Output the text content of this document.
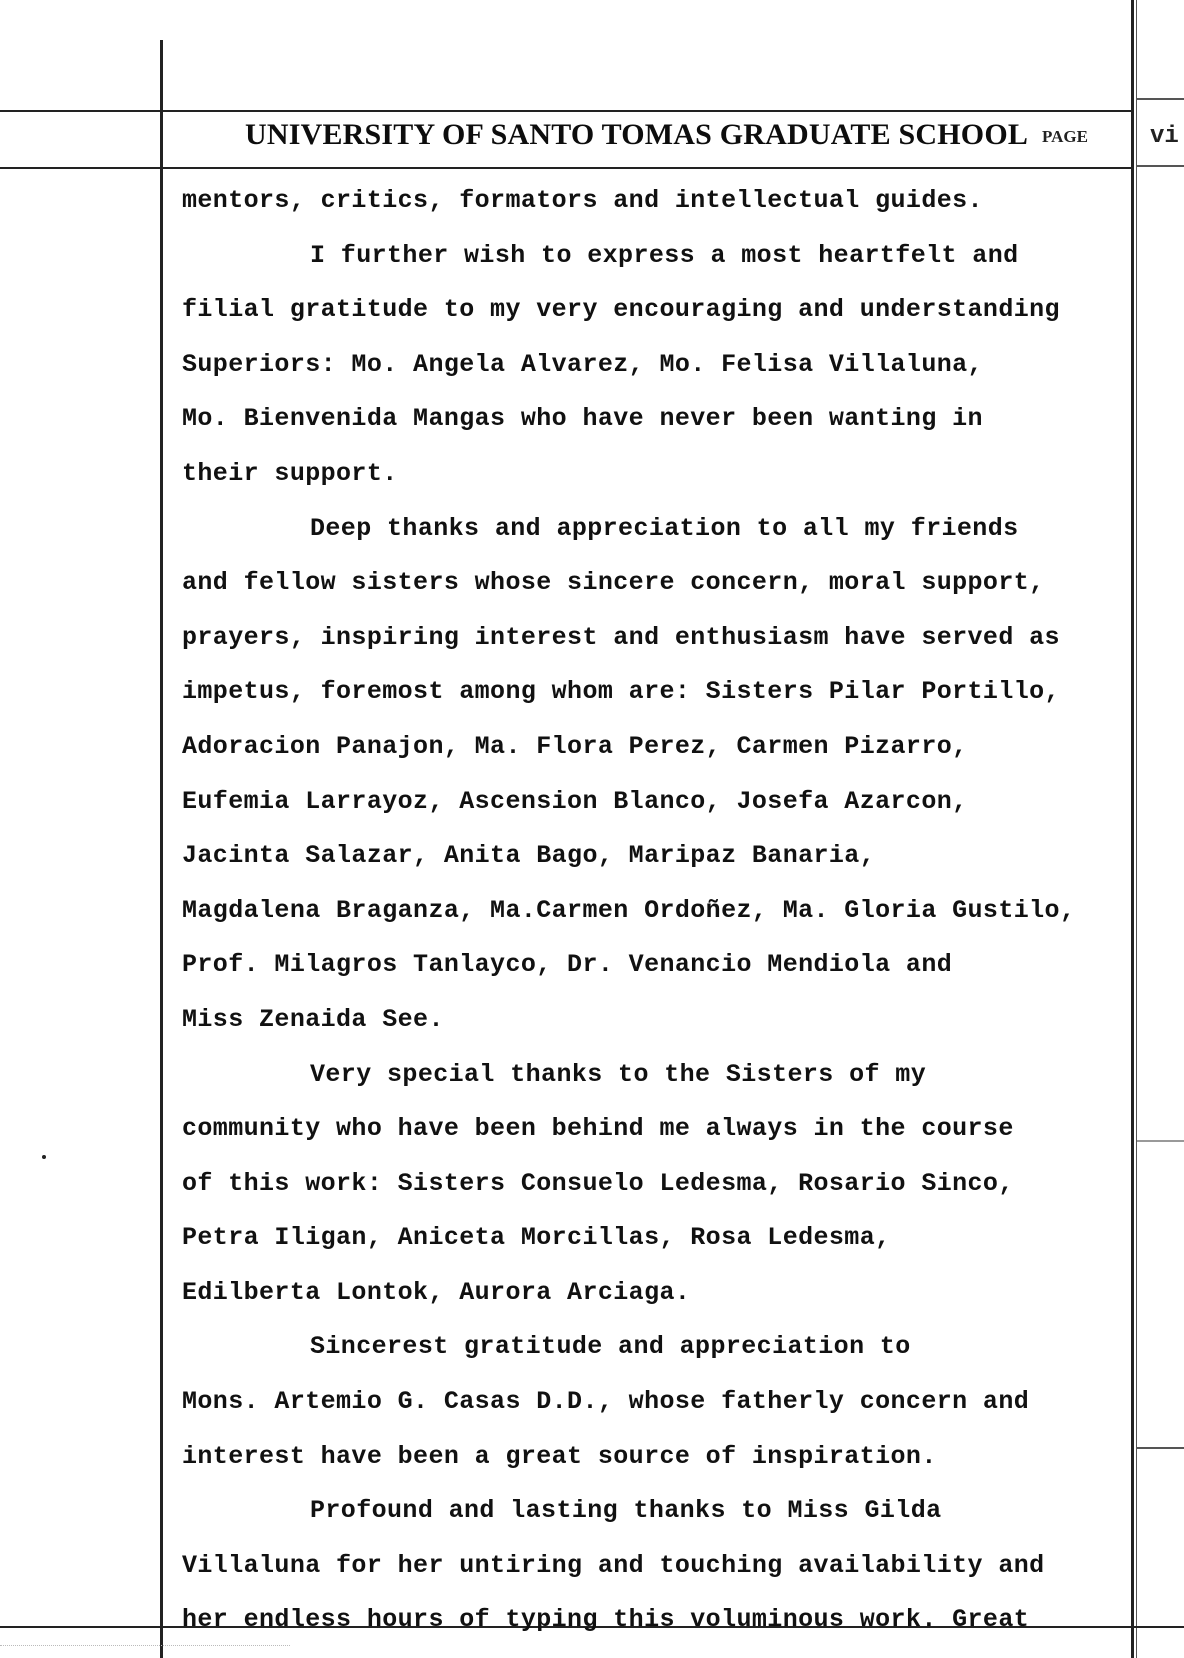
UNIVERSITY OF SANTO TOMAS GRADUATE SCHOOL PAGE	vi
mentors, critics, formators and intellectual guides.
I further wish to express a most heartfelt and
filial gratitude to my very encouraging and understanding
Superiors: Mo. Angela Alvarez, Mo. Felisa Villaluna,
Mo. Bienvenida Mangas who have never been wanting in
their support.
Deep thanks and appreciation to all my friends
and fellow sisters whose sincere concern, moral support,
prayers, inspiring interest and enthusiasm have served as
impetus, foremost among whom are: Sisters Pilar Portillo,
Adoracion Panajon, Ma. Flora Perez, Carmen Pizarro,
Eufemia Larrayoz, Ascension Blanco, Josefa Azarcon,
Jacinta Salazar, Anita Bago, Maripaz Banaria,
Magdalena Braganza, Ma.Carmen Ordoñez, Ma. Gloria Gustilo,
Prof. Milagros Tanlayco, Dr. Venancio Mendiola and
Miss Zenaida See.
Very special thanks to the Sisters of my
community who have been behind me always in the course
of this work: Sisters Consuelo Ledesma, Rosario Sinco,
Petra Iligan, Aniceta Morcillas, Rosa Ledesma,
Edilberta Lontok, Aurora Arciaga.
Sincerest gratitude and appreciation to
Mons. Artemio G. Casas D.D., whose fatherly concern and
interest have been a great source of inspiration.
Profound and lasting thanks to Miss Gilda
Villaluna for her untiring and touching availability and
her endless hours of typing this voluminous work. Great
